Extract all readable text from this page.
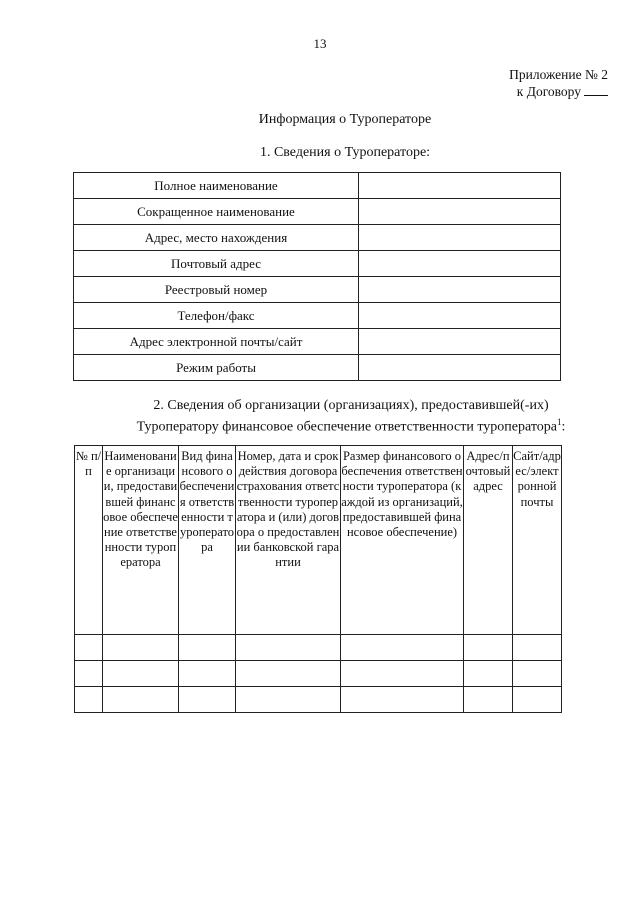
13
Приложение № 2
к Договору
Информация о Туроператоре
1. Сведения о Туроператоре:
Полное наименование	
Сокращенное наименование	
Адрес, место нахождения	
Почтовый адрес	
Реестровый номер	
Телефон/факс	
Адрес электронной почты/сайт	
Режим работы	
2. Сведения об организации (организациях), предоставившей(-их)
Туроператору финансовое обеспечение ответственности туроператора$^1$:
№ п/п	Наименование организации, предоставившей финансовое обеспечение ответственности туроператора	Вид финансового обеспечения ответственности туроператора	Номер, дата и срок действия договора страхования ответственности туроператора и (или) договора о предоставлении банковской гарантии	Размер финансового обеспечения ответственности туроператора (каждой из организаций, предоставившей финансовое обеспечение)	Адрес/почтовый адрес	Сайт/адрес/электронной почты
